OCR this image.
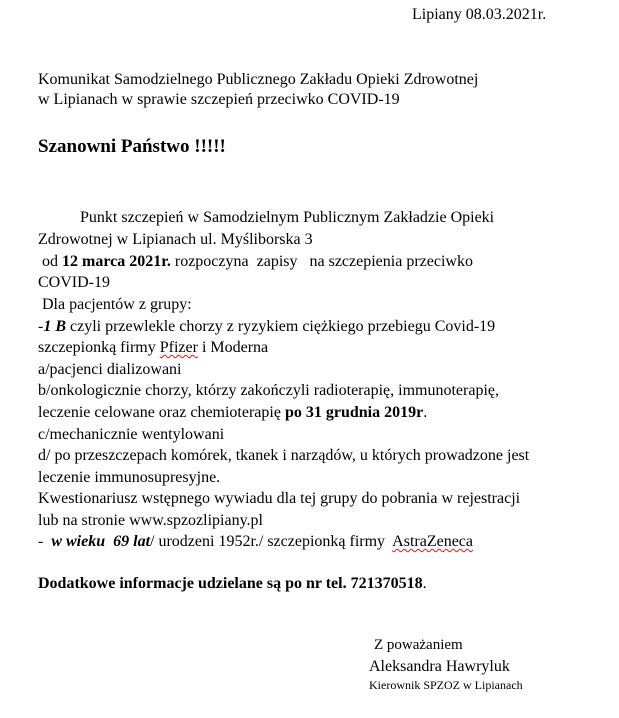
Lipiany 08.03.2021r.
Komunikat Samodzielnego Publicznego Zakładu Opieki Zdrowotnej
w Lipianach w sprawie szczepień przeciwko COVID-19
Szanowni Państwo !!!!!
Punkt szczepień w Samodzielnym Publicznym Zakładzie Opieki
Zdrowotnej w Lipianach ul. Myśliborska 3
od 12 marca 2021r. rozpoczyna  zapisy   na szczepienia przeciwko
COVID-19
Dla pacjentów z grupy:
-1 B czyli przewlekle chorzy z ryzykiem ciężkiego przebiegu Covid-19
szczepionką firmy Pfizer i Moderna
a/pacjenci dializowani
b/onkologicznie chorzy, którzy zakończyli radioterapię, immunoterapię,
leczenie celowane oraz chemioterapię po 31 grudnia 2019r.
c/mechanicznie wentylowani
d/ po przeszczepach komórek, tkanek i narządów, u których prowadzone jest
leczenie immunosupresyjne.
Kwestionariusz wstępnego wywiadu dla tej grupy do pobrania w rejestracji
lub na stronie www.spzozlipiany.pl
-  w wieku  69 lat/ urodzeni 1952r./ szczepionką firmy  AstraZeneca
Dodatkowe informacje udzielane są po nr tel. 721370518.
Z poważaniem
Aleksandra Hawryluk
Kierownik SPZOZ w Lipianach
